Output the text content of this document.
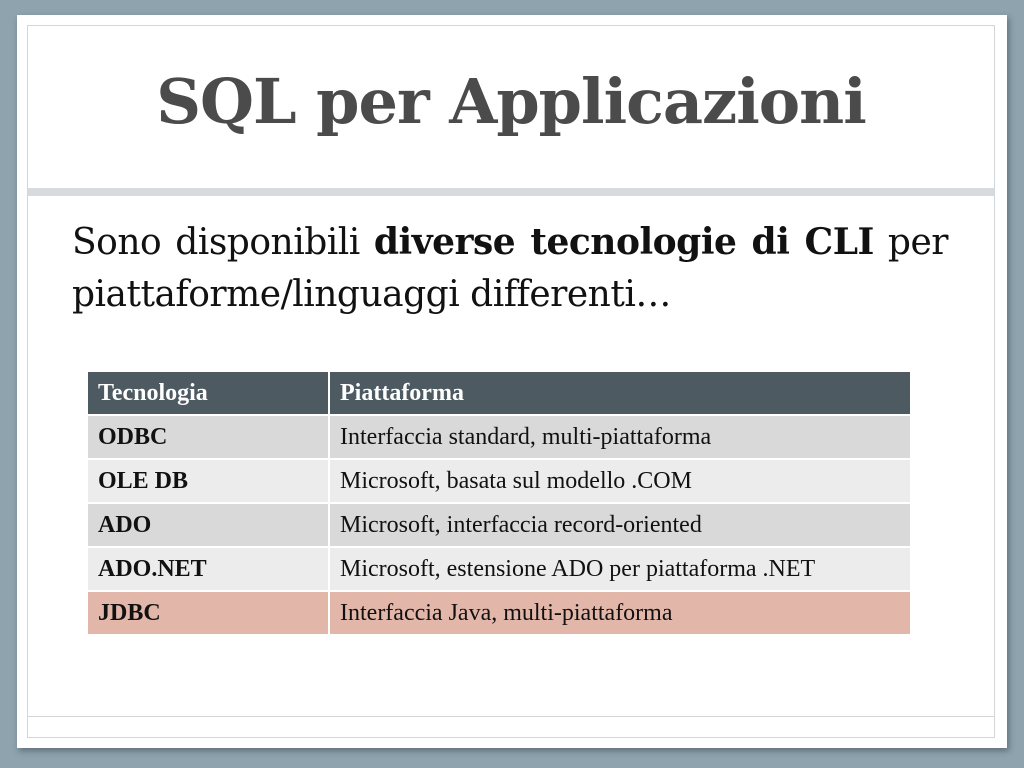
SQL per Applicazioni
Sono disponibili diverse tecnologie di CLI per piattaforme/linguaggi differenti…
Tecnologia	Piattaforma
ODBC	Interfaccia standard, multi-piattaforma
OLE DB	Microsoft, basata sul modello .COM
ADO	Microsoft, interfaccia record-oriented
ADO.NET	Microsoft, estensione ADO per piattaforma .NET
JDBC	Interfaccia Java, multi-piattaforma
